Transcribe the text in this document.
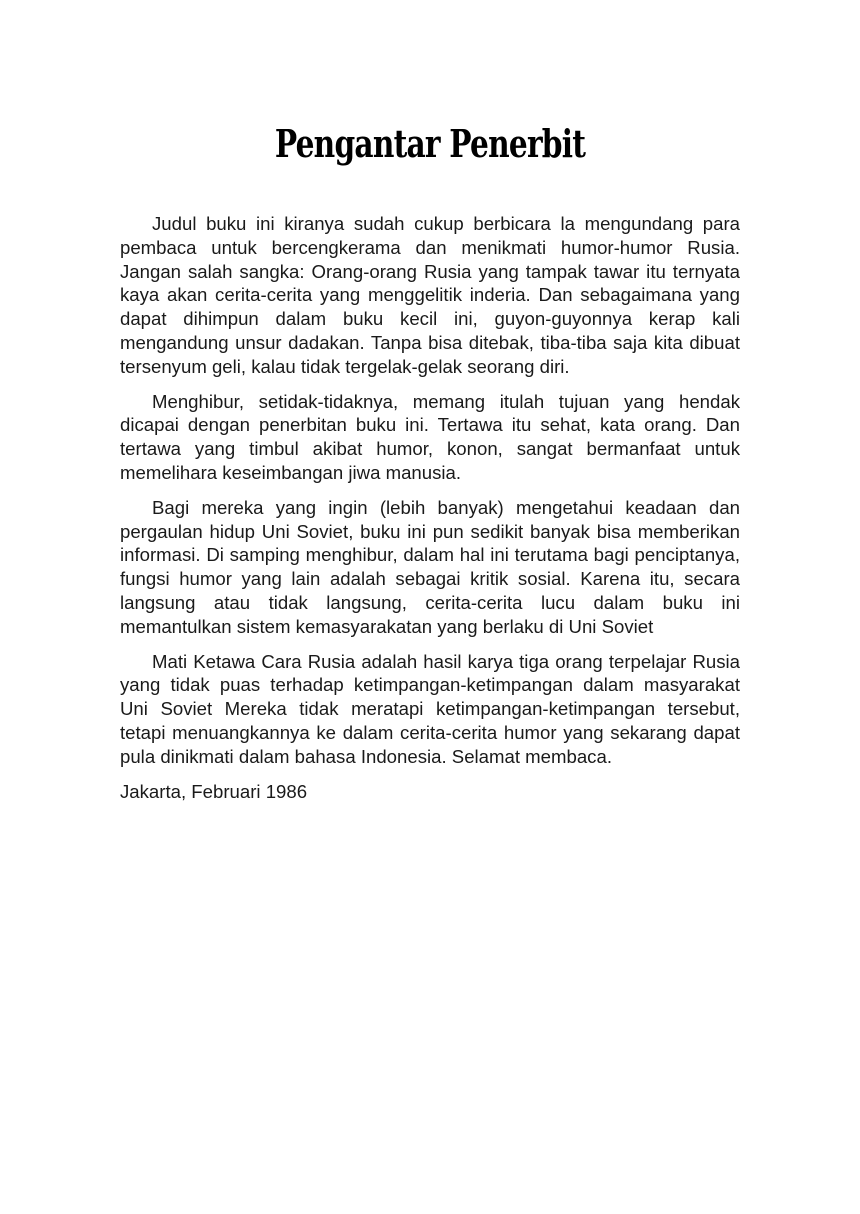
Pengantar Penerbit

Judul buku ini kiranya sudah cukup berbicara la mengundang para pembaca untuk bercengkerama dan menikmati humor-humor Rusia. Jangan salah sangka: Orang-orang Rusia yang tampak tawar itu ternyata kaya akan cerita-cerita yang menggelitik inderia. Dan sebagaimana yang dapat dihimpun dalam buku kecil ini, guyon-guyonnya kerap kali mengandung unsur dadakan. Tanpa bisa ditebak, tiba-tiba saja kita dibuat tersenyum geli, kalau tidak tergelak-gelak seorang diri.

Menghibur, setidak-tidaknya, memang itulah tujuan yang hendak dicapai dengan penerbitan buku ini. Tertawa itu sehat, kata orang. Dan tertawa yang timbul akibat humor, konon, sangat bermanfaat untuk memelihara keseimbangan jiwa manusia.

Bagi mereka yang ingin (lebih banyak) mengetahui keadaan dan pergaulan hidup Uni Soviet, buku ini pun sedikit banyak bisa memberikan informasi. Di samping menghibur, dalam hal ini terutama bagi penciptanya, fungsi humor yang lain adalah sebagai kritik sosial. Karena itu, secara langsung atau tidak langsung, cerita-cerita lucu dalam buku ini memantulkan sistem kemasyarakatan yang berlaku di Uni Soviet

Mati Ketawa Cara Rusia adalah hasil karya tiga orang terpelajar Rusia yang tidak puas terhadap ketimpangan-ketimpangan dalam masyarakat Uni Soviet Mereka tidak meratapi ketimpangan-ketimpangan tersebut, tetapi menuangkannya ke dalam cerita-cerita humor yang sekarang dapat pula dinikmati dalam bahasa Indonesia. Selamat membaca.

Jakarta, Februari 1986
